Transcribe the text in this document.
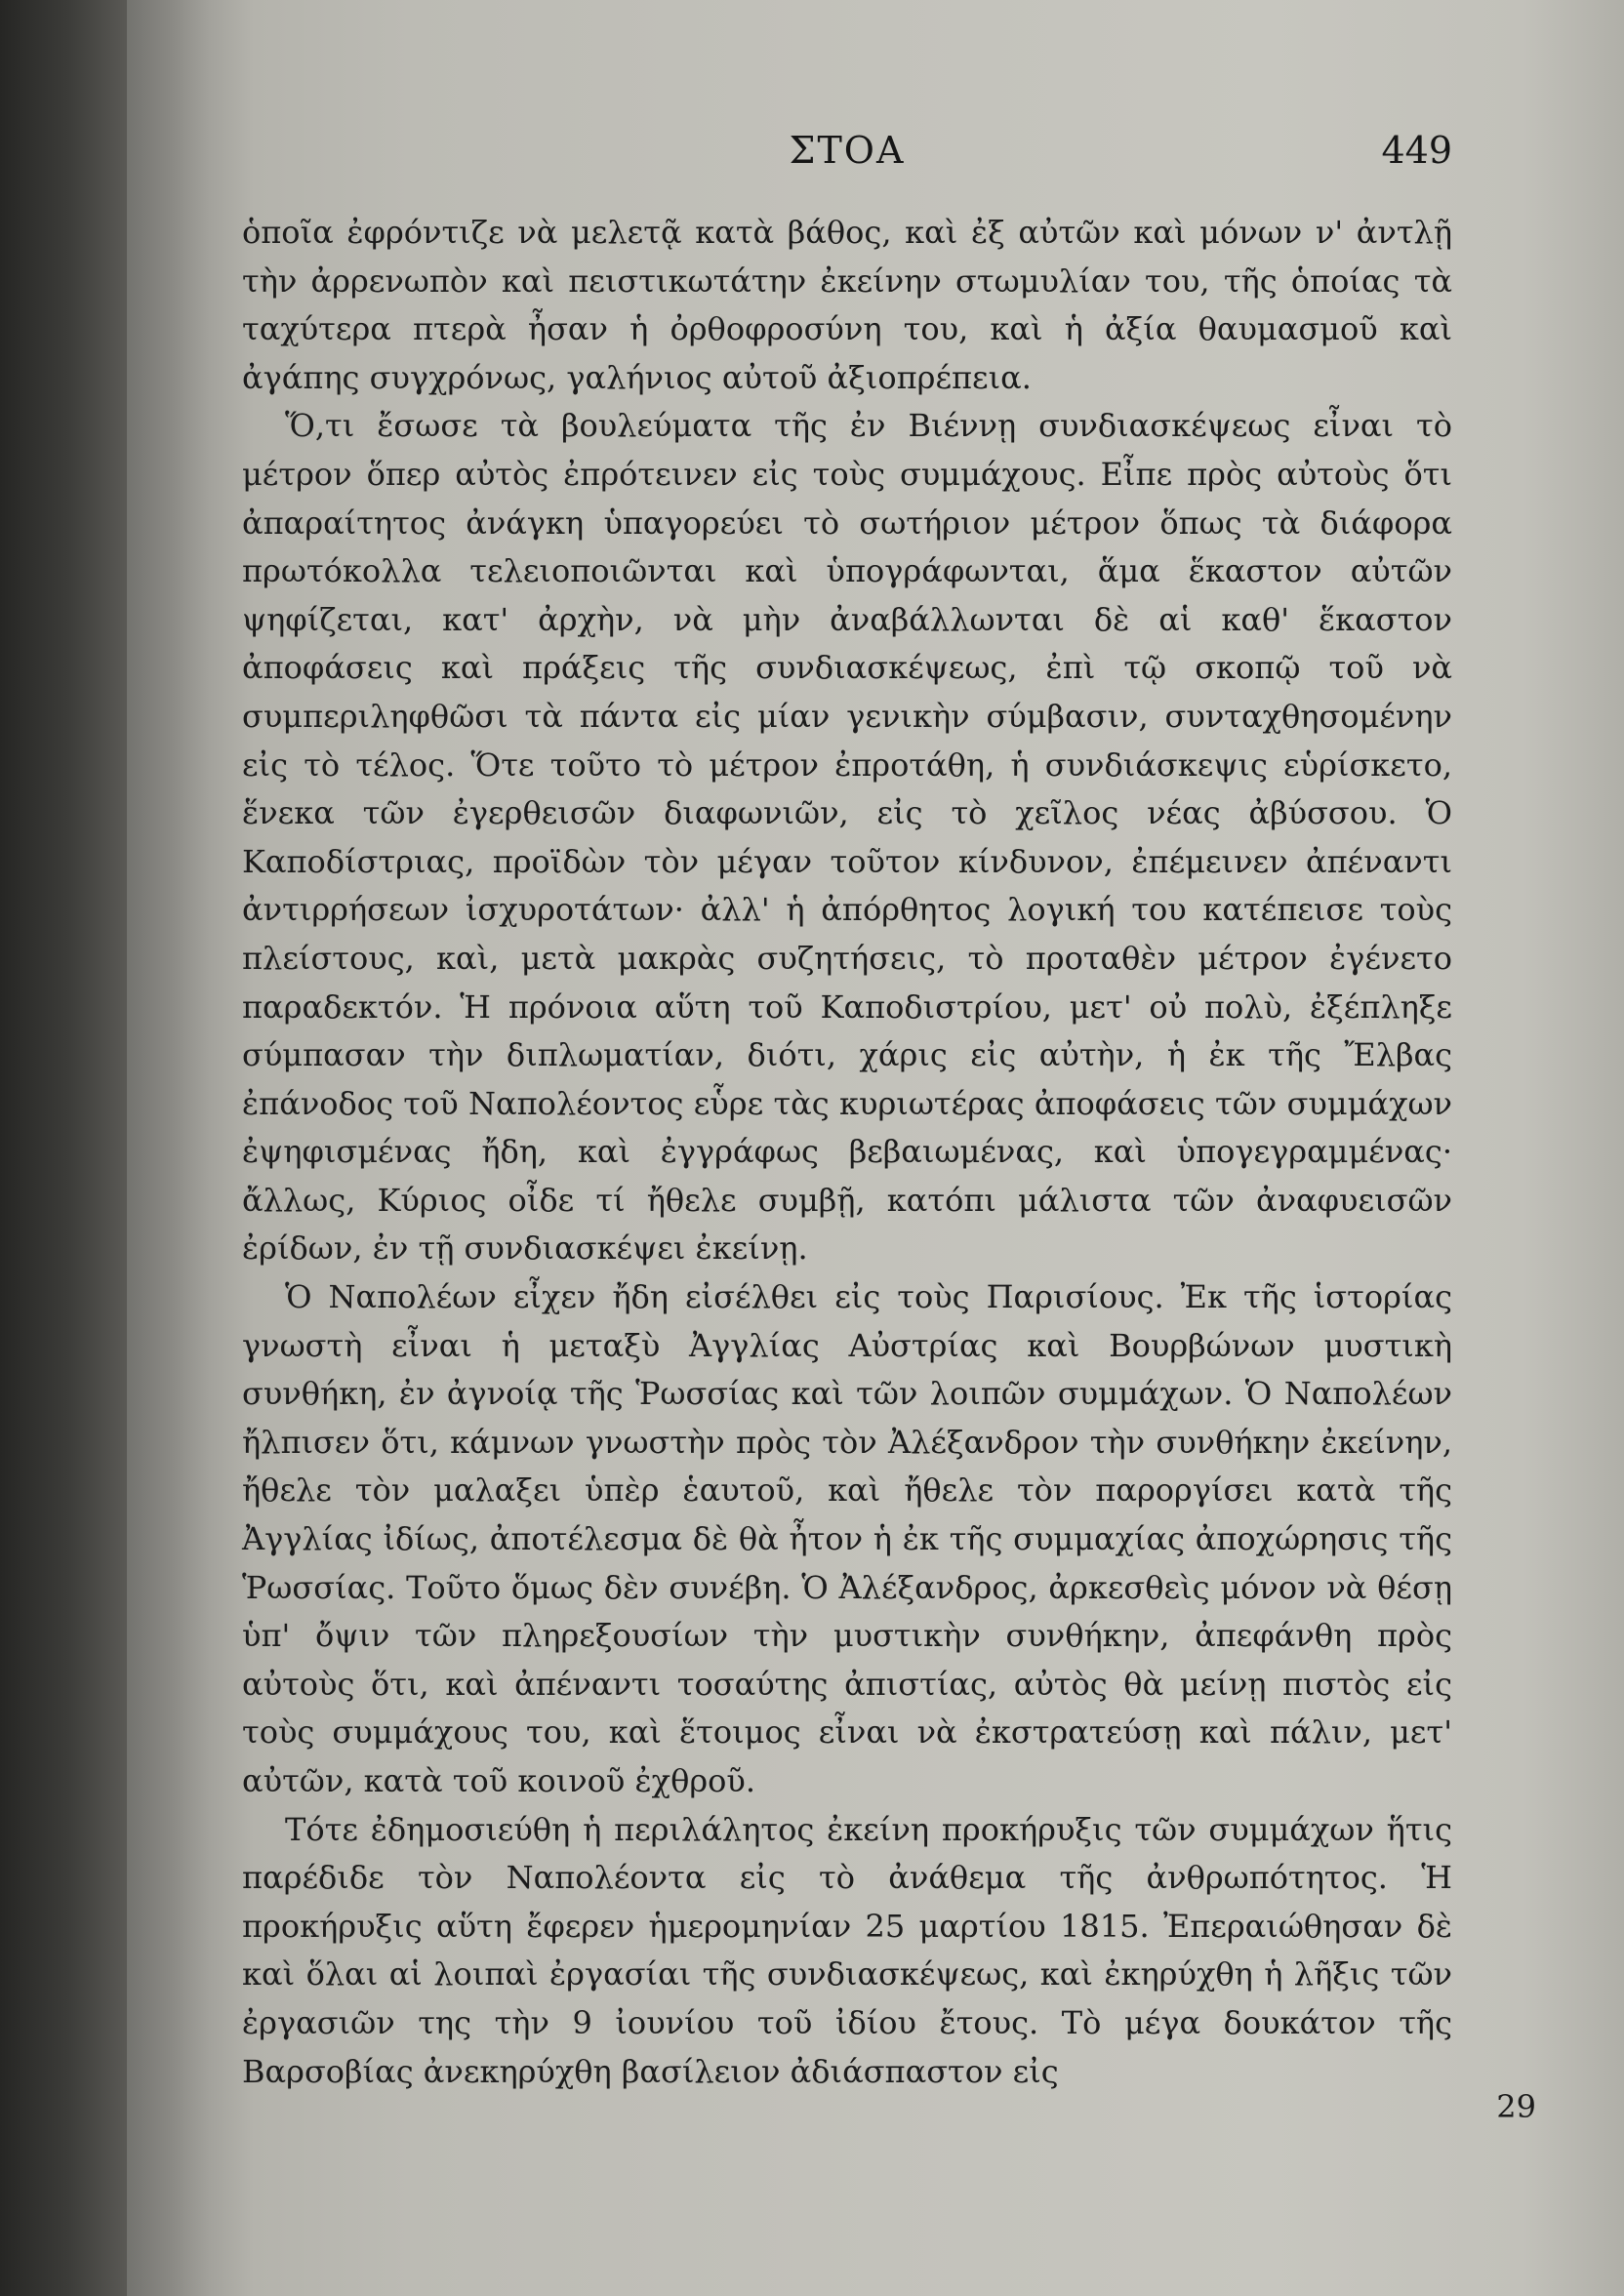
ΣΤΟΑ	449

ὁποῖα ἐφρόντιζε νὰ μελετᾷ κατὰ βάθος, καὶ ἐξ αὐτῶν καὶ μόνων ν' ἀντλῇ τὴν ἀρρενωπὸν καὶ πειστικωτάτην ἐκείνην στωμυλίαν του, τῆς ὁποίας τὰ ταχύτερα πτερὰ ἦσαν ἡ ὀρθοφροσύνη του, καὶ ἡ ἀξία θαυμασμοῦ καὶ ἀγάπης συγχρόνως, γαλήνιος αὐτοῦ ἀξιοπρέπεια.

Ὅ,τι ἔσωσε τὰ βουλεύματα τῆς ἐν Βιέννῃ συνδιασκέψεως εἶναι τὸ μέτρον ὅπερ αὐτὸς ἐπρότεινεν εἰς τοὺς συμμάχους. Εἶπε πρὸς αὐτοὺς ὅτι ἀπαραίτητος ἀνάγκη ὑπαγορεύει τὸ σωτήριον μέτρον ὅπως τὰ διάφορα πρωτόκολλα τελειοποιῶνται καὶ ὑπογράφωνται, ἅμα ἕκαστον αὐτῶν ψηφίζεται, κατ' ἀρχὴν, νὰ μὴν ἀναβάλλωνται δὲ αἱ καθ' ἕκαστον ἀποφάσεις καὶ πράξεις τῆς συνδιασκέψεως, ἐπὶ τῷ σκοπῷ τοῦ νὰ συμπεριληφθῶσι τὰ πάντα εἰς μίαν γενικὴν σύμβασιν, συνταχθησομένην εἰς τὸ τέλος. Ὅτε τοῦτο τὸ μέτρον ἐπροτάθη, ἡ συνδιάσκεψις εὑρίσκετο, ἕνεκα τῶν ἐγερθεισῶν διαφωνιῶν, εἰς τὸ χεῖλος νέας ἀβύσσου. Ὁ Καποδίστριας, προϊδὼν τὸν μέγαν τοῦτον κίνδυνον, ἐπέμεινεν ἀπέναντι ἀντιρρήσεων ἰσχυροτάτων· ἀλλ' ἡ ἀπόρθητος λογική του κατέπεισε τοὺς πλείστους, καὶ, μετὰ μακρὰς συζητήσεις, τὸ προταθὲν μέτρον ἐγένετο παραδεκτόν. Ἡ πρόνοια αὕτη τοῦ Καποδιστρίου, μετ' οὐ πολὺ, ἐξέπληξε σύμπασαν τὴν διπλωματίαν, διότι, χάρις εἰς αὐτὴν, ἡ ἐκ τῆς Ἔλβας ἐπάνοδος τοῦ Ναπολέοντος εὗρε τὰς κυριωτέρας ἀποφάσεις τῶν συμμάχων ἐψηφισμένας ἤδη, καὶ ἐγγράφως βεβαιωμένας, καὶ ὑπογεγραμμένας· ἄλλως, Κύριος οἶδε τί ἤθελε συμβῇ, κατόπι μάλιστα τῶν ἀναφυεισῶν ἐρίδων, ἐν τῇ συνδιασκέψει ἐκείνῃ.

Ὁ Ναπολέων εἶχεν ἤδη εἰσέλθει εἰς τοὺς Παρισίους. Ἐκ τῆς ἱστορίας γνωστὴ εἶναι ἡ μεταξὺ Ἀγγλίας Αὐστρίας καὶ Βουρβώνων μυστικὴ συνθήκη, ἐν ἀγνοίᾳ τῆς Ῥωσσίας καὶ τῶν λοιπῶν συμμάχων. Ὁ Ναπολέων ἤλπισεν ὅτι, κάμνων γνωστὴν πρὸς τὸν Ἀλέξανδρον τὴν συνθήκην ἐκείνην, ἤθελε τὸν μαλαξει ὑπὲρ ἑαυτοῦ, καὶ ἤθελε τὸν παροργίσει κατὰ τῆς Ἀγγλίας ἰδίως, ἀποτέλεσμα δὲ θὰ ἦτον ἡ ἐκ τῆς συμμαχίας ἀποχώρησις τῆς Ῥωσσίας. Τοῦτο ὅμως δὲν συνέβη. Ὁ Ἀλέξανδρος, ἀρκεσθεὶς μόνον νὰ θέσῃ ὑπ' ὄψιν τῶν πληρεξουσίων τὴν μυστικὴν συνθήκην, ἀπεφάνθη πρὸς αὐτοὺς ὅτι, καὶ ἀπέναντι τοσαύτης ἀπιστίας, αὐτὸς θὰ μείνῃ πιστὸς εἰς τοὺς συμμάχους του, καὶ ἕτοιμος εἶναι νὰ ἐκστρατεύσῃ καὶ πάλιν, μετ' αὐτῶν, κατὰ τοῦ κοινοῦ ἐχθροῦ.

Τότε ἐδημοσιεύθη ἡ περιλάλητος ἐκείνη προκήρυξις τῶν συμμάχων ἥτις παρέδιδε τὸν Ναπολέοντα εἰς τὸ ἀνάθεμα τῆς ἀνθρωπότητος. Ἡ προκήρυξις αὕτη ἔφερεν ἡμερομηνίαν 25 μαρτίου 1815. Ἐπεραιώθησαν δὲ καὶ ὅλαι αἱ λοιπαὶ ἐργασίαι τῆς συνδιασκέψεως, καὶ ἐκηρύχθη ἡ λῆξις τῶν ἐργασιῶν της τὴν 9 ἰουνίου τοῦ ἰδίου ἔτους. Τὸ μέγα δουκάτον τῆς Βαρσοβίας ἀνεκηρύχθη βασίλειον ἀδιάσπαστον εἰς

29
